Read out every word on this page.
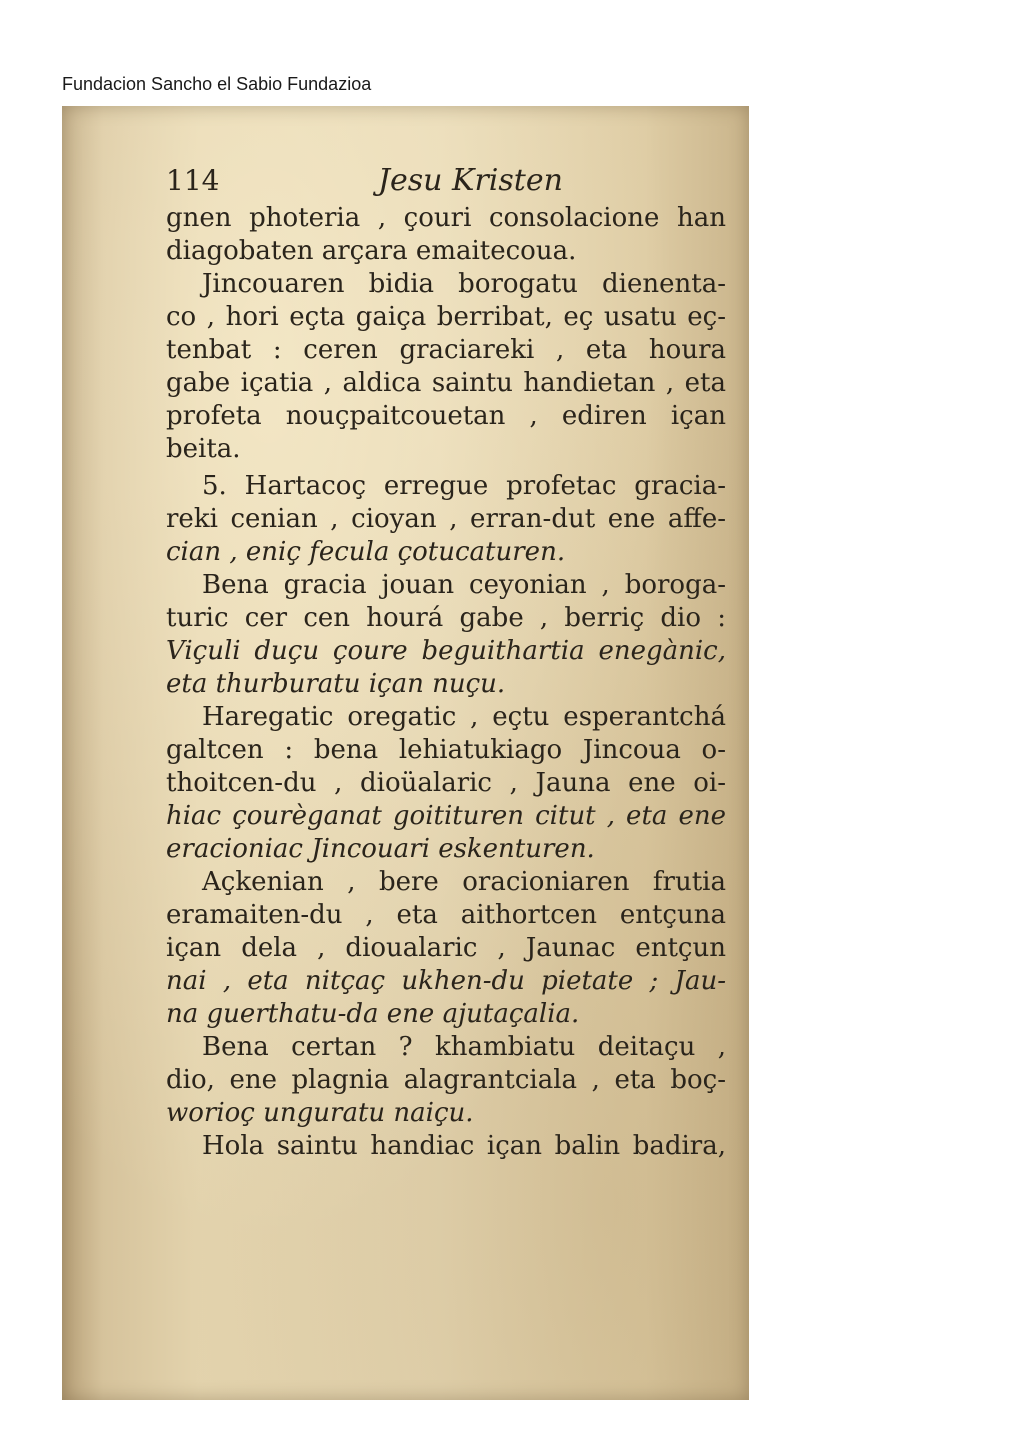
Fundacion Sancho el Sabio Fundazioa
114	Jesu Kristen
gnen photeria , çouri consolacione han
diagobaten arçara emaitecoua.
Jincouaren bidia borogatu dienenta-
co , hori eçta gaiça berribat, eç usatu eç-
tenbat : ceren graciareki , eta houra
gabe içatia , aldica saintu handietan , eta
profeta nouçpaitcouetan , ediren içan
beita.
5. Hartacoç erregue profetac gracia-
reki cenian , cioyan , erran-dut ene affe-
cian , eniç fecula çotucaturen.
Bena gracia jouan ceyonian , boroga-
turic cer cen hourá gabe , berriç dio :
Viçuli duçu çoure beguithartia enegànic,
eta thurburatu içan nuçu.
Haregatic oregatic , eçtu esperantchá
galtcen : bena lehiatukiago Jincoua o-
thoitcen-du , dioüalaric , Jauna ene oi-
hiac çourèganat goitituren citut , eta ene
eracioniac Jincouari eskenturen.
Açkenian , bere oracioniaren frutia
eramaiten-du , eta aithortcen entçuna
içan dela , dioualaric , Jaunac entçun
nai , eta nitçaç ukhen-du pietate ; Jau-
na guerthatu-da ene ajutaçalia.
Bena certan ? khambiatu deitaçu ,
dio, ene plagnia alagrantciala , eta boç-
worioç unguratu naiçu.
Hola saintu handiac içan balin badira,
